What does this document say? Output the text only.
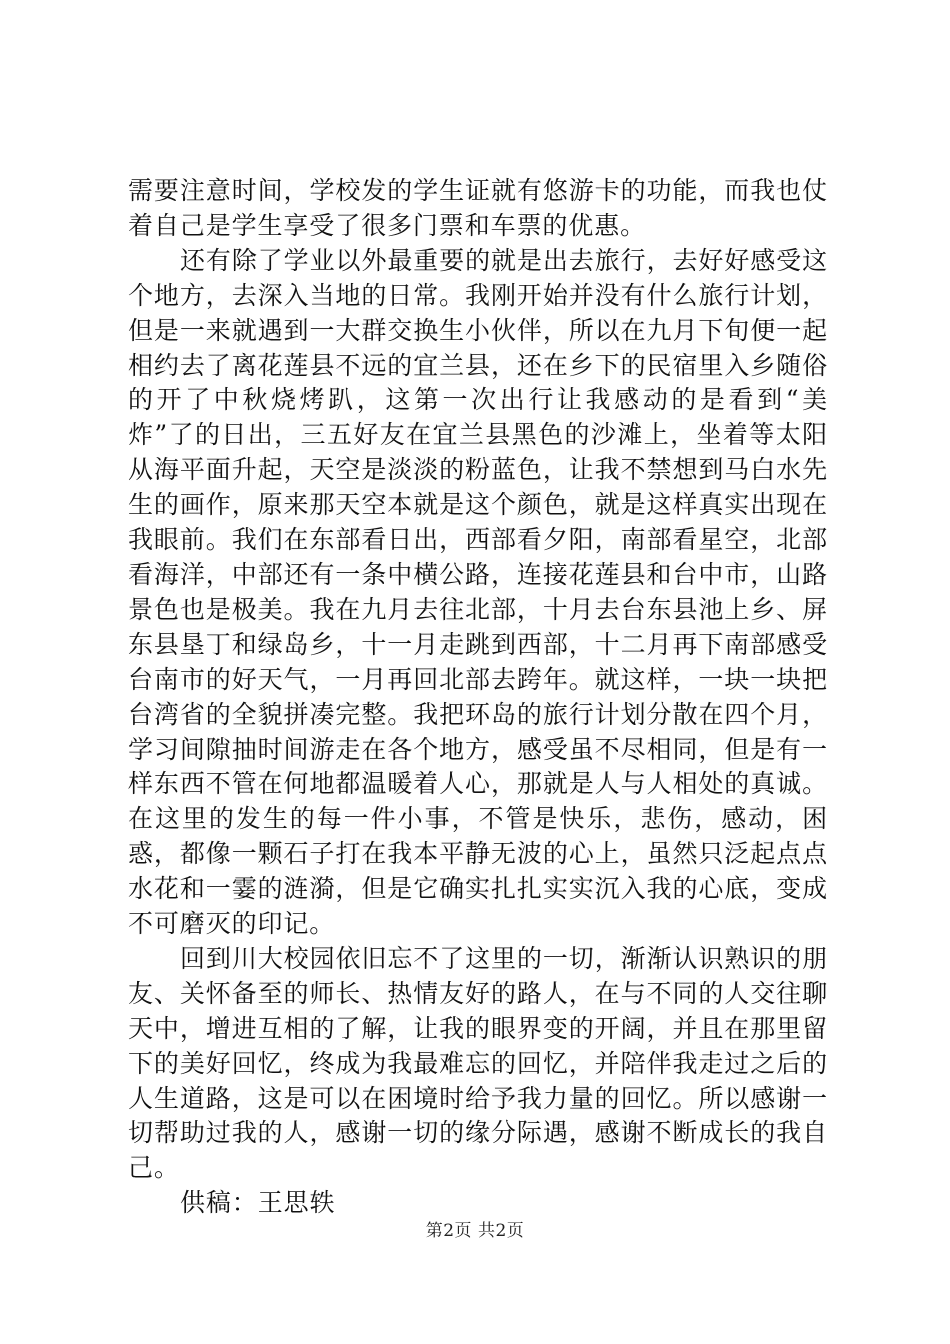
需要注意时间，学校发的学生证就有悠游卡的功能，而我也仗着自己是学生享受了很多门票和车票的优惠。

还有除了学业以外最重要的就是出去旅行，去好好感受这个地方，去深入当地的日常。我刚开始并没有什么旅行计划，但是一来就遇到一大群交换生小伙伴，所以在九月下旬便一起相约去了离花莲县不远的宜兰县，还在乡下的民宿里入乡随俗的开了中秋烧烤趴，这第一次出行让我感动的是看到“美炸”了的日出，三五好友在宜兰县黑色的沙滩上，坐着等太阳从海平面升起，天空是淡淡的粉蓝色，让我不禁想到马白水先生的画作，原来那天空本就是这个颜色，就是这样真实出现在我眼前。我们在东部看日出，西部看夕阳，南部看星空，北部看海洋，中部还有一条中横公路，连接花莲县和台中市，山路景色也是极美。我在九月去往北部，十月去台东县池上乡、屏东县垦丁和绿岛乡，十一月走跳到西部，十二月再下南部感受台南市的好天气，一月再回北部去跨年。就这样，一块一块把台湾省的全貌拼凑完整。我把环岛的旅行计划分散在四个月，学习间隙抽时间游走在各个地方，感受虽不尽相同，但是有一样东西不管在何地都温暖着人心，那就是人与人相处的真诚。在这里的发生的每一件小事，不管是快乐，悲伤，感动，困惑，都像一颗石子打在我本平静无波的心上，虽然只泛起点点水花和一霎的涟漪，但是它确实扎扎实实沉入我的心底，变成不可磨灭的印记。

回到川大校园依旧忘不了这里的一切，渐渐认识熟识的朋友、关怀备至的师长、热情友好的路人，在与不同的人交往聊天中，增进互相的了解，让我的眼界变的开阔，并且在那里留下的美好回忆，终成为我最难忘的回忆，并陪伴我走过之后的人生道路，这是可以在困境时给予我力量的回忆。所以感谢一切帮助过我的人，感谢一切的缘分际遇，感谢不断成长的我自己。

供稿：王思轶

第2页 共2页
